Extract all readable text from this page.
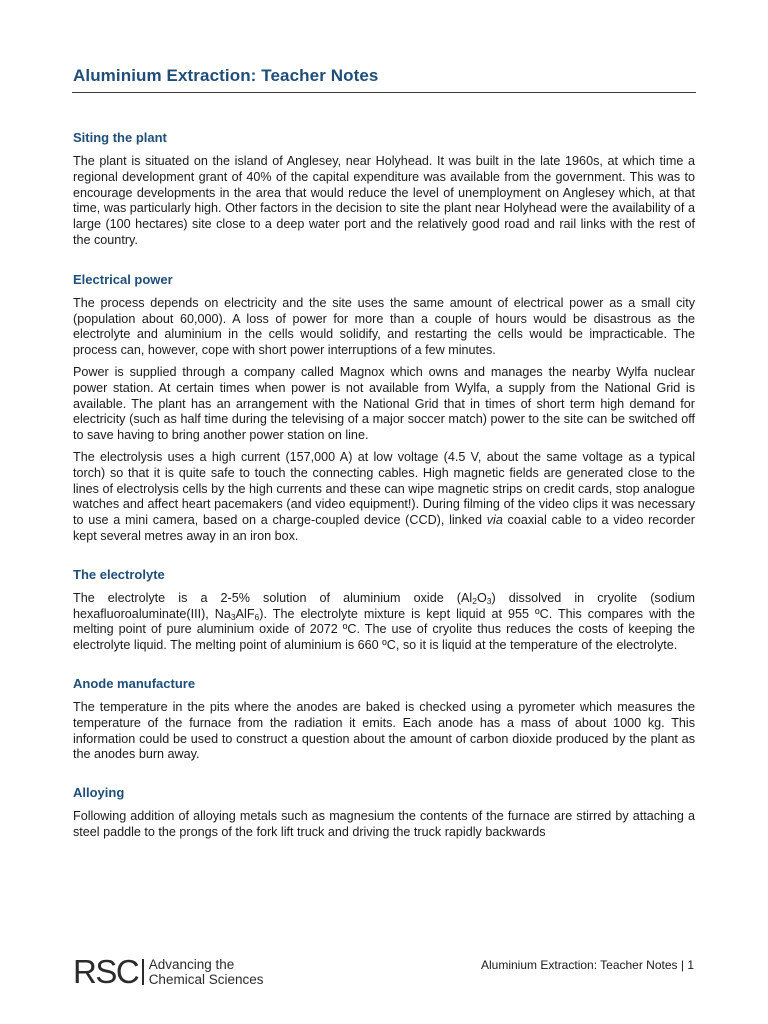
Aluminium Extraction: Teacher Notes
Siting the plant

The plant is situated on the island of Anglesey, near Holyhead. It was built in the late 1960s, at which time a regional development grant of 40% of the capital expenditure was available from the government. This was to encourage developments in the area that would reduce the level of unemployment on Anglesey which, at that time, was particularly high. Other factors in the decision to site the plant near Holyhead were the availability of a large (100 hectares) site close to a deep water port and the relatively good road and rail links with the rest of the country.

Electrical power

The process depends on electricity and the site uses the same amount of electrical power as a small city (population about 60,000). A loss of power for more than a couple of hours would be disastrous as the electrolyte and aluminium in the cells would solidify, and restarting the cells would be impracticable. The process can, however, cope with short power interruptions of a few minutes.

Power is supplied through a company called Magnox which owns and manages the nearby Wylfa nuclear power station. At certain times when power is not available from Wylfa, a supply from the National Grid is available. The plant has an arrangement with the National Grid that in times of short term high demand for electricity (such as half time during the televising of a major soccer match) power to the site can be switched off to save having to bring another power station on line.

The electrolysis uses a high current (157,000 A) at low voltage (4.5 V, about the same voltage as a typical torch) so that it is quite safe to touch the connecting cables. High magnetic fields are generated close to the lines of electrolysis cells by the high currents and these can wipe magnetic strips on credit cards, stop analogue watches and affect heart pacemakers (and video equipment!). During filming of the video clips it was necessary to use a mini camera, based on a charge-coupled device (CCD), linked via coaxial cable to a video recorder kept several metres away in an iron box.

The electrolyte

The electrolyte is a 2-5% solution of aluminium oxide $(Al_2O_3)$ dissolved in cryolite (sodium hexafluoroaluminate(III), $Na_3AlF_6$). The electrolyte mixture is kept liquid at 955 ºC. This compares with the melting point of pure aluminium oxide of 2072 ºC. The use of cryolite thus reduces the costs of keeping the electrolyte liquid. The melting point of aluminium is 660 ºC, so it is liquid at the temperature of the electrolyte.

Anode manufacture

The temperature in the pits where the anodes are baked is checked using a pyrometer which measures the temperature of the furnace from the radiation it emits. Each anode has a mass of about 1000 kg. This information could be used to construct a question about the amount of carbon dioxide produced by the plant as the anodes burn away.

Alloying

Following addition of alloying metals such as magnesium the contents of the furnace are stirred by attaching a steel paddle to the prongs of the fork lift truck and driving the truck rapidly backwards

RSC Advancing the
Chemical Sciences
Aluminium Extraction: Teacher Notes | 1
